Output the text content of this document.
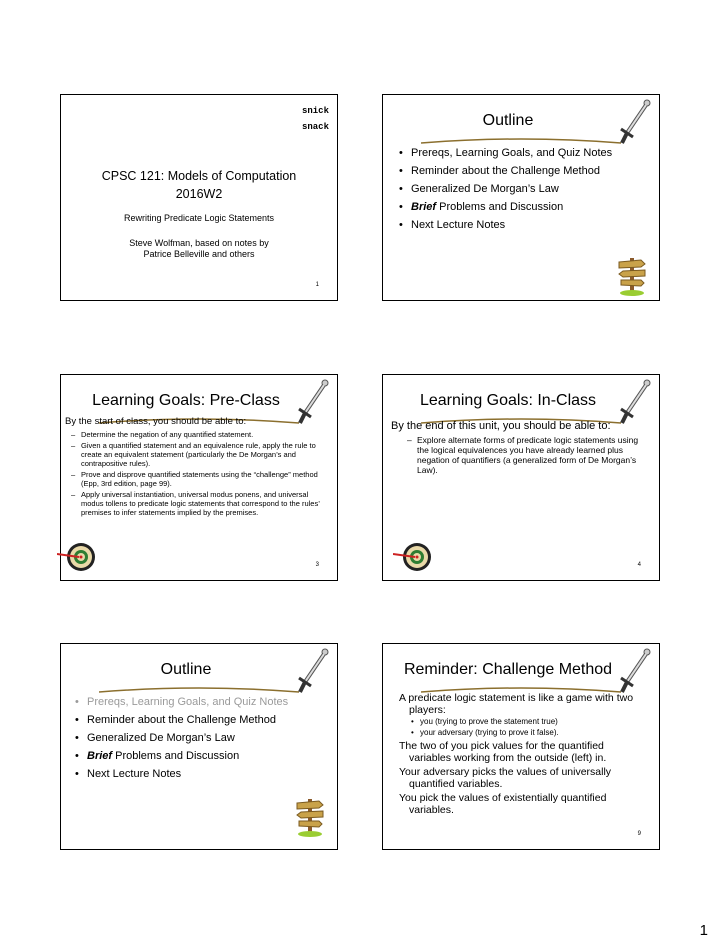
snick
snack
CPSC 121: Models of Computation
2016W2
Rewriting Predicate Logic Statements
Steve Wolfman, based on notes by
Patrice Belleville and others
1
Outline
• Prereqs, Learning Goals, and Quiz Notes
• Reminder about the Challenge Method
• Generalized De Morgan’s Law
• Brief Problems and Discussion
• Next Lecture Notes
Learning Goals: Pre-Class

By the start of class, you should be able to:

– Determine the negation of any quantified statement.
– Given a quantified statement and an equivalence rule, apply the rule to create an equivalent statement (particularly the De Morgan’s and contrapositive rules).
– Prove and disprove quantified statements using the “challenge” method (Epp, 3rd edition, page 99).
– Apply universal instantiation, universal modus ponens, and universal modus tollens to predicate logic statements that correspond to the rules’ premises to infer statements implied by the premises.
3
Learning Goals: In-Class

By the end of this unit, you should be able to:

– Explore alternate forms of predicate logic statements using the logical equivalences you have already learned plus negation of quantifiers (a generalized form of De Morgan’s Law).
4
Outline
• Prereqs, Learning Goals, and Quiz Notes
• Reminder about the Challenge Method
• Generalized De Morgan’s Law
• Brief Problems and Discussion
• Next Lecture Notes
Reminder: Challenge Method

A predicate logic statement is like a game with two players:

• you (trying to prove the statement true)
• your adversary (trying to prove it false).

The two of you pick values for the quantified variables working from the outside (left) in.

Your adversary picks the values of universally quantified variables.

You pick the values of existentially quantified variables.

9
1
